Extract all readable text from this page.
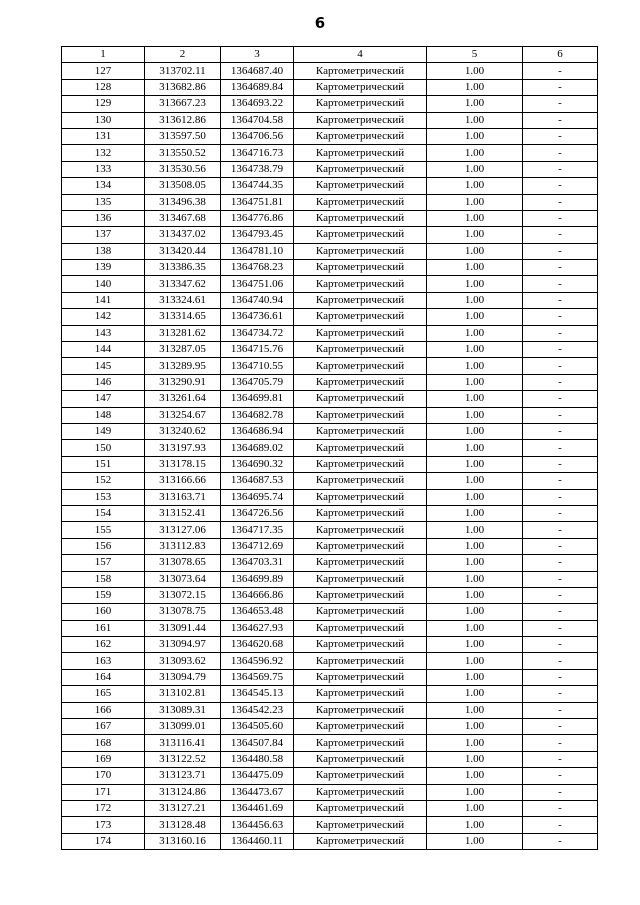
6
1	2	3	4	5	6
127	313702.11	1364687.40	Картометрический	1.00	-
128	313682.86	1364689.84	Картометрический	1.00	-
129	313667.23	1364693.22	Картометрический	1.00	-
130	313612.86	1364704.58	Картометрический	1.00	-
131	313597.50	1364706.56	Картометрический	1.00	-
132	313550.52	1364716.73	Картометрический	1.00	-
133	313530.56	1364738.79	Картометрический	1.00	-
134	313508.05	1364744.35	Картометрический	1.00	-
135	313496.38	1364751.81	Картометрический	1.00	-
136	313467.68	1364776.86	Картометрический	1.00	-
137	313437.02	1364793.45	Картометрический	1.00	-
138	313420.44	1364781.10	Картометрический	1.00	-
139	313386.35	1364768.23	Картометрический	1.00	-
140	313347.62	1364751.06	Картометрический	1.00	-
141	313324.61	1364740.94	Картометрический	1.00	-
142	313314.65	1364736.61	Картометрический	1.00	-
143	313281.62	1364734.72	Картометрический	1.00	-
144	313287.05	1364715.76	Картометрический	1.00	-
145	313289.95	1364710.55	Картометрический	1.00	-
146	313290.91	1364705.79	Картометрический	1.00	-
147	313261.64	1364699.81	Картометрический	1.00	-
148	313254.67	1364682.78	Картометрический	1.00	-
149	313240.62	1364686.94	Картометрический	1.00	-
150	313197.93	1364689.02	Картометрический	1.00	-
151	313178.15	1364690.32	Картометрический	1.00	-
152	313166.66	1364687.53	Картометрический	1.00	-
153	313163.71	1364695.74	Картометрический	1.00	-
154	313152.41	1364726.56	Картометрический	1.00	-
155	313127.06	1364717.35	Картометрический	1.00	-
156	313112.83	1364712.69	Картометрический	1.00	-
157	313078.65	1364703.31	Картометрический	1.00	-
158	313073.64	1364699.89	Картометрический	1.00	-
159	313072.15	1364666.86	Картометрический	1.00	-
160	313078.75	1364653.48	Картометрический	1.00	-
161	313091.44	1364627.93	Картометрический	1.00	-
162	313094.97	1364620.68	Картометрический	1.00	-
163	313093.62	1364596.92	Картометрический	1.00	-
164	313094.79	1364569.75	Картометрический	1.00	-
165	313102.81	1364545.13	Картометрический	1.00	-
166	313089.31	1364542.23	Картометрический	1.00	-
167	313099.01	1364505.60	Картометрический	1.00	-
168	313116.41	1364507.84	Картометрический	1.00	-
169	313122.52	1364480.58	Картометрический	1.00	-
170	313123.71	1364475.09	Картометрический	1.00	-
171	313124.86	1364473.67	Картометрический	1.00	-
172	313127.21	1364461.69	Картометрический	1.00	-
173	313128.48	1364456.63	Картометрический	1.00	-
174	313160.16	1364460.11	Картометрический	1.00	-
